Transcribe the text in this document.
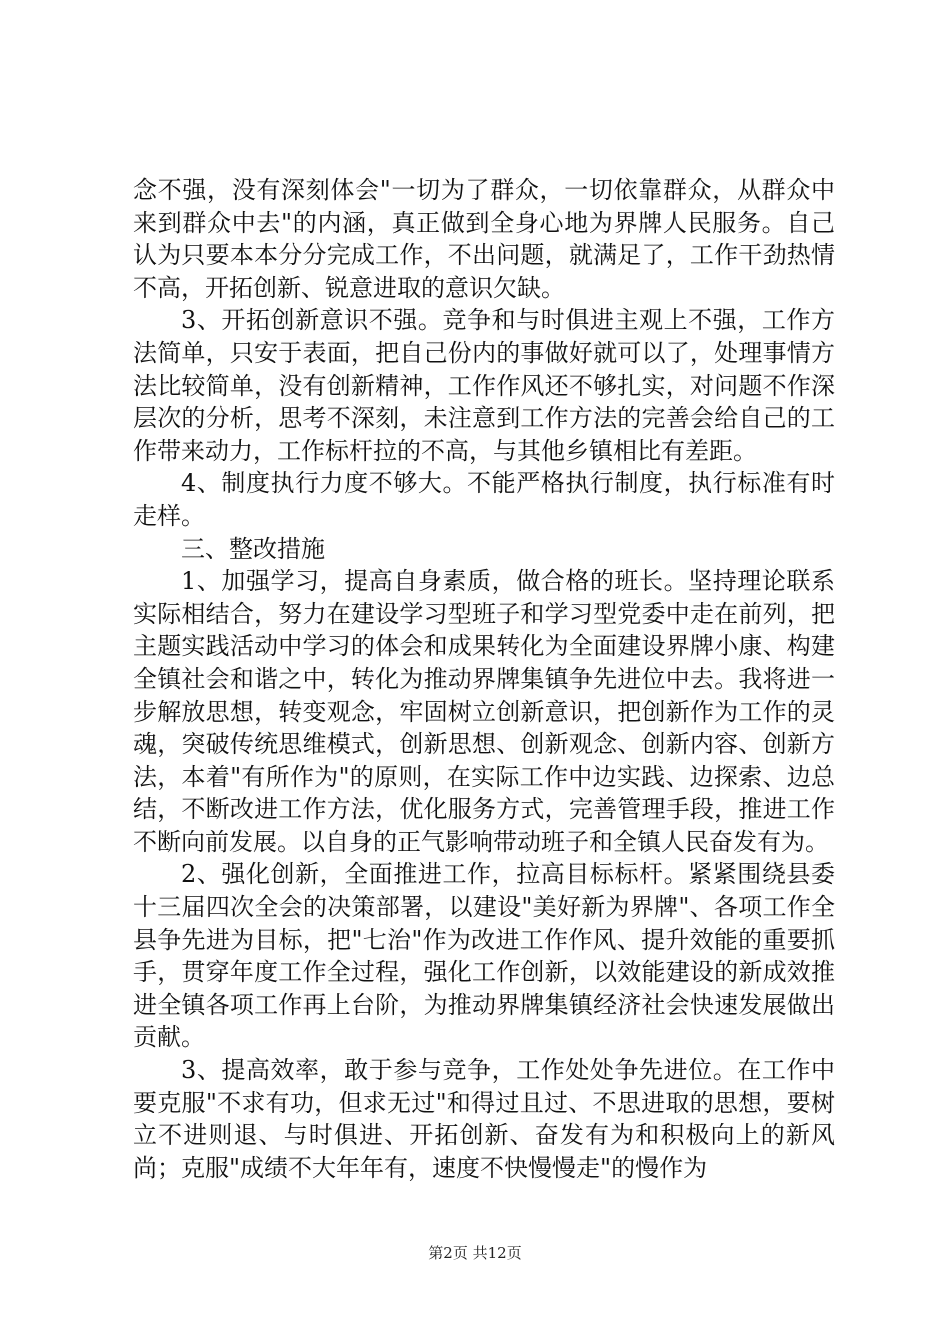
念不强，没有深刻体会"一切为了群众，一切依靠群众，从群众中来到群众中去"的内涵，真正做到全身心地为界牌人民服务。自己认为只要本本分分完成工作，不出问题，就满足了，工作干劲热情不高，开拓创新、锐意进取的意识欠缺。

3、开拓创新意识不强。竞争和与时俱进主观上不强，工作方法简单，只安于表面，把自己份内的事做好就可以了，处理事情方法比较简单，没有创新精神，工作作风还不够扎实，对问题不作深层次的分析，思考不深刻，未注意到工作方法的完善会给自己的工作带来动力，工作标杆拉的不高，与其他乡镇相比有差距。

4、制度执行力度不够大。不能严格执行制度，执行标准有时走样。

三、整改措施

1、加强学习，提高自身素质，做合格的班长。坚持理论联系实际相结合，努力在建设学习型班子和学习型党委中走在前列，把主题实践活动中学习的体会和成果转化为全面建设界牌小康、构建全镇社会和谐之中，转化为推动界牌集镇争先进位中去。我将进一步解放思想，转变观念，牢固树立创新意识，把创新作为工作的灵魂，突破传统思维模式，创新思想、创新观念、创新内容、创新方法，本着"有所作为"的原则，在实际工作中边实践、边探索、边总结，不断改进工作方法，优化服务方式，完善管理手段，推进工作不断向前发展。以自身的正气影响带动班子和全镇人民奋发有为。

2、强化创新，全面推进工作，拉高目标标杆。紧紧围绕县委十三届四次全会的决策部署，以建设"美好新为界牌"、各项工作全县争先进为目标，把"七治"作为改进工作作风、提升效能的重要抓手，贯穿年度工作全过程，强化工作创新，以效能建设的新成效推进全镇各项工作再上台阶，为推动界牌集镇经济社会快速发展做出贡献。

3、提高效率，敢于参与竞争，工作处处争先进位。在工作中要克服"不求有功，但求无过"和得过且过、不思进取的思想，要树立不进则退、与时俱进、开拓创新、奋发有为和积极向上的新风尚；克服"成绩不大年年有，速度不快慢慢走"的慢作为

第2页 共12页
